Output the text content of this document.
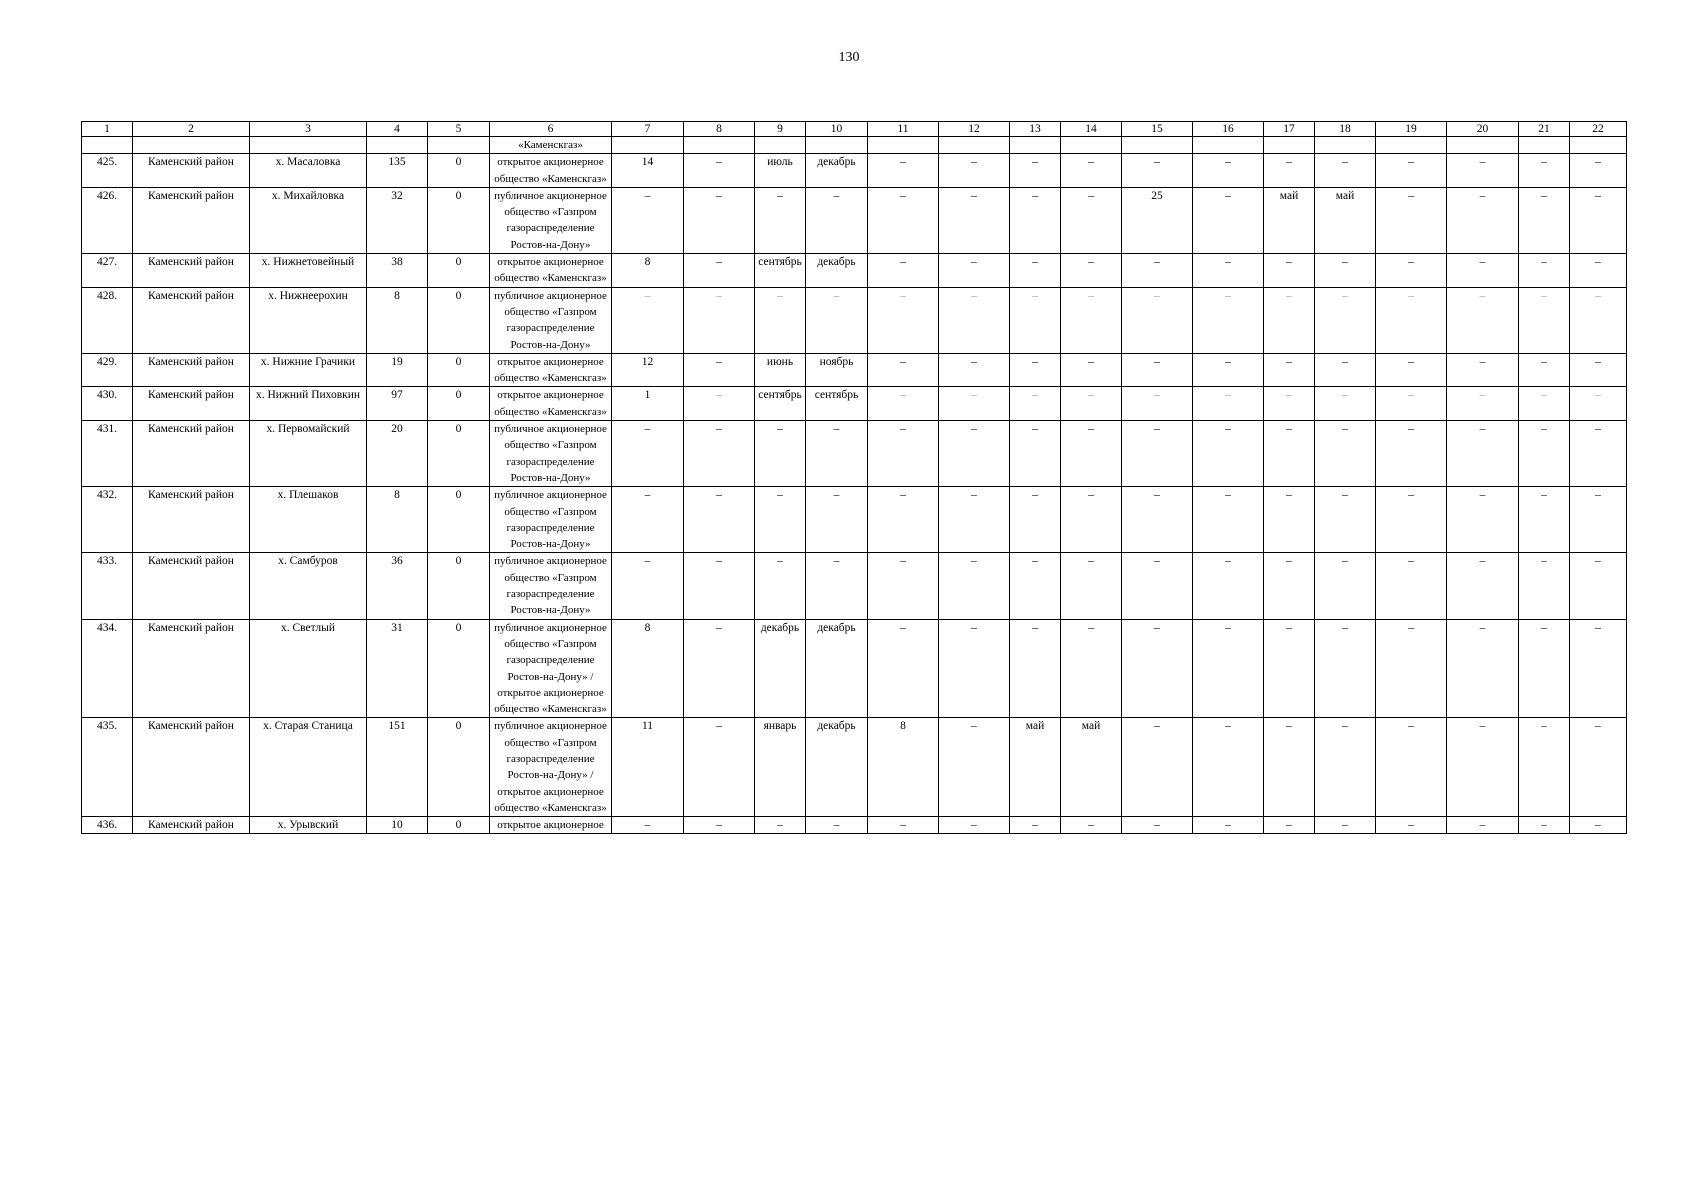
130
1	2	3	4	5	6	7	8	9	10	11	12	13	14	15	16	17	18	19	20	21	22
					«Каменскгаз»																
425.	Каменский район	х. Масаловка	135	0	открытое акционерное общество «Каменскгаз»	14	–	июль	декабрь	–	–	–	–	–	–	–	–	–	–	–	–
426.	Каменский район	х. Михайловка	32	0	публичное акционерное общество «Газпром газораспределение Ростов-на-Дону»	–	–	–	–	–	–	–	–	25	–	май	май	–	–	–	–
427.	Каменский район	х. Нижнетовейный	38	0	открытое акционерное общество «Каменскгаз»	8	–	сентябрь	декабрь	–	–	–	–	–	–	–	–	–	–	–	–
428.	Каменский район	х. Нижнеерохин	8	0	публичное акционерное общество «Газпром газораспределение Ростов-на-Дону»	–	–	–	–	–	–	–	–	–	–	–	–	–	–	–	–
429.	Каменский район	х. Нижние Грачики	19	0	открытое акционерное общество «Каменскгаз»	12	–	июнь	ноябрь	–	–	–	–	–	–	–	–	–	–	–	–
430.	Каменский район	х. Нижний Пиховкин	97	0	открытое акционерное общество «Каменскгаз»	1	–	сентябрь	сентябрь	–	–	–	–	–	–	–	–	–	–	–	–
431.	Каменский район	х. Первомайский	20	0	публичное акционерное общество «Газпром газораспределение Ростов-на-Дону»	–	–	–	–	–	–	–	–	–	–	–	–	–	–	–	–
432.	Каменский район	х. Плешаков	8	0	публичное акционерное общество «Газпром газораспределение Ростов-на-Дону»	–	–	–	–	–	–	–	–	–	–	–	–	–	–	–	–
433.	Каменский район	х. Самбуров	36	0	публичное акционерное общество «Газпром газораспределение Ростов-на-Дону»	–	–	–	–	–	–	–	–	–	–	–	–	–	–	–	–
434.	Каменский район	х. Светлый	31	0	публичное акционерное общество «Газпром газораспределение Ростов-на-Дону» / открытое акционерное общество «Каменскгаз»	8	–	декабрь	декабрь	–	–	–	–	–	–	–	–	–	–	–	–
435.	Каменский район	х. Старая Станица	151	0	публичное акционерное общество «Газпром газораспределение Ростов-на-Дону» / открытое акционерное общество «Каменскгаз»	11	–	январь	декабрь	8	–	май	май	–	–	–	–	–	–	–	–
436.	Каменский район	х. Урывский	10	0	открытое акционерное	–	–	–	–	–	–	–	–	–	–	–	–	–	–	–	–
